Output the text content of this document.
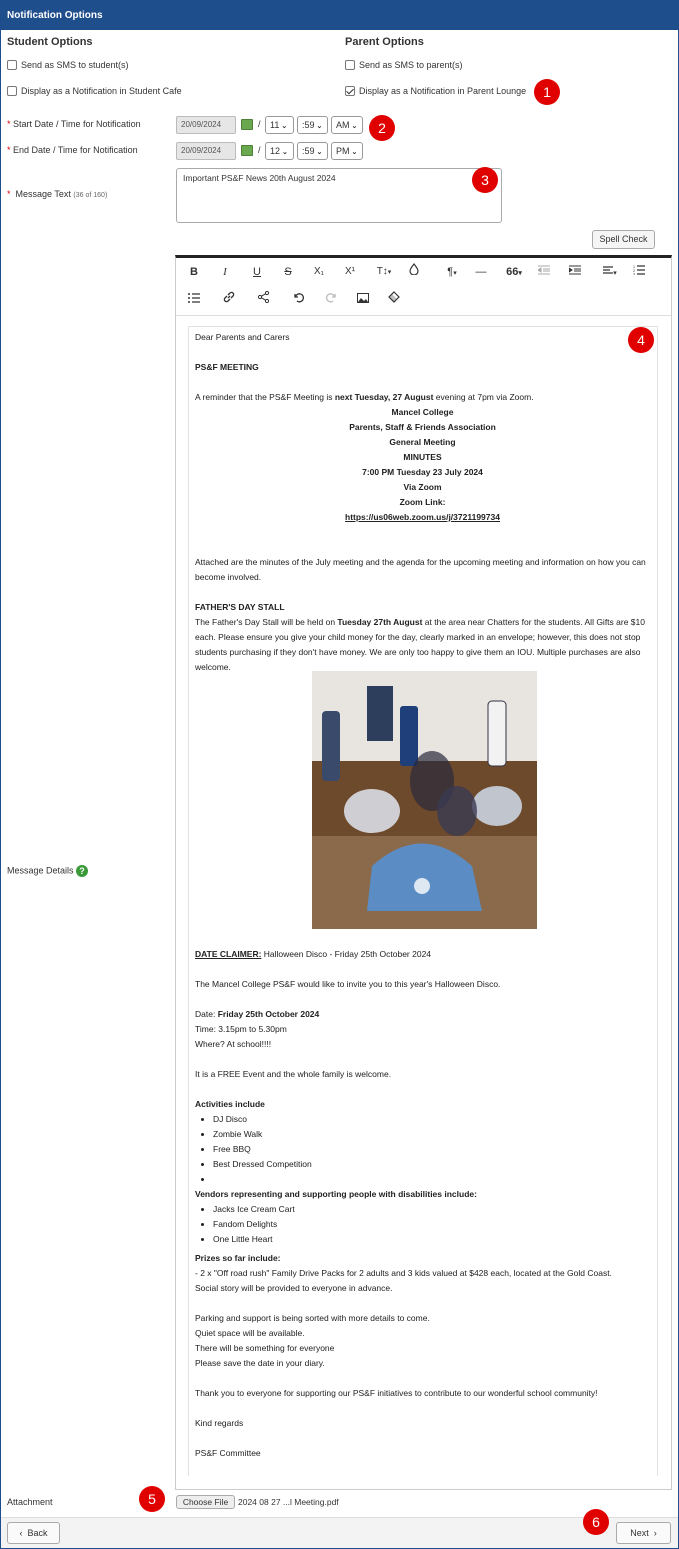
Notification Options
Student Options	Parent Options
Send as SMS to student(s)	Send as SMS to parent(s)
Display as a Notification in Student Cafe	Display as a Notification in Parent Lounge	1
* Start Date / Time for Notification	20/09/2024	/	11 ⌄	:59 ⌄	AM ⌄	2
* End Date / Time for Notification	20/09/2024	/	12 ⌄	:59 ⌄	PM ⌄
* Message Text (36 of 160)
Important PS&F News 20th August 2024	3
Spell Check
Message Details ?
B	I	U	S	X₁	X¹	T↕▾	¶▾	—	66▾	▾
1
2
3
4

Dear Parents and Carers

PS&F MEETING

A reminder that the PS&F Meeting is next Tuesday, 27 August evening at 7pm via Zoom.

Mancel College

Parents, Staff & Friends Association

General Meeting

MINUTES

7:00 PM Tuesday 23 July 2024

Via Zoom

Zoom Link:

https://us06web.zoom.us/j/3721199734

Attached are the minutes of the July meeting and the agenda for the upcoming meeting and information on how you can become involved.

FATHER'S DAY STALL

The Father's Day Stall will be held on Tuesday 27th August at the area near Chatters for the students. All Gifts are $10 each. Please ensure you give your child money for the day, clearly marked in an envelope; however, this does not stop students purchasing if they don't have money. We are only too happy to give them an IOU. Multiple purchases are also welcome.

DATE CLAIMER: Halloween Disco - Friday 25th October 2024

The Mancel College PS&F would like to invite you to this year's Halloween Disco.

Date: Friday 25th October 2024

Time: 3.15pm to 5.30pm

Where? At school!!!!

It is a FREE Event and the whole family is welcome.

Activities include

• DJ Disco
• Zombie Walk
• Free BBQ
• Best Dressed Competition
•

Vendors representing and supporting people with disabilities include:

• Jacks Ice Cream Cart
• Fandom Delights
• One Little Heart

Prizes so far include:

- 2 x "Off road rush" Family Drive Packs for 2 adults and 3 kids valued at $428 each, located at the Gold Coast.

Social story will be provided to everyone in advance.

Parking and support is being sorted with more details to come.

Quiet space will be available.

There will be something for everyone

Please save the date in your diary.

Thank you to everyone for supporting our PS&F initiatives to contribute to our wonderful school community!

Kind regards

PS&F Committee

Attachment	5	Choose File	2024 08 27 ...l Meeting.pdf
‹ Back
6
Next ›
